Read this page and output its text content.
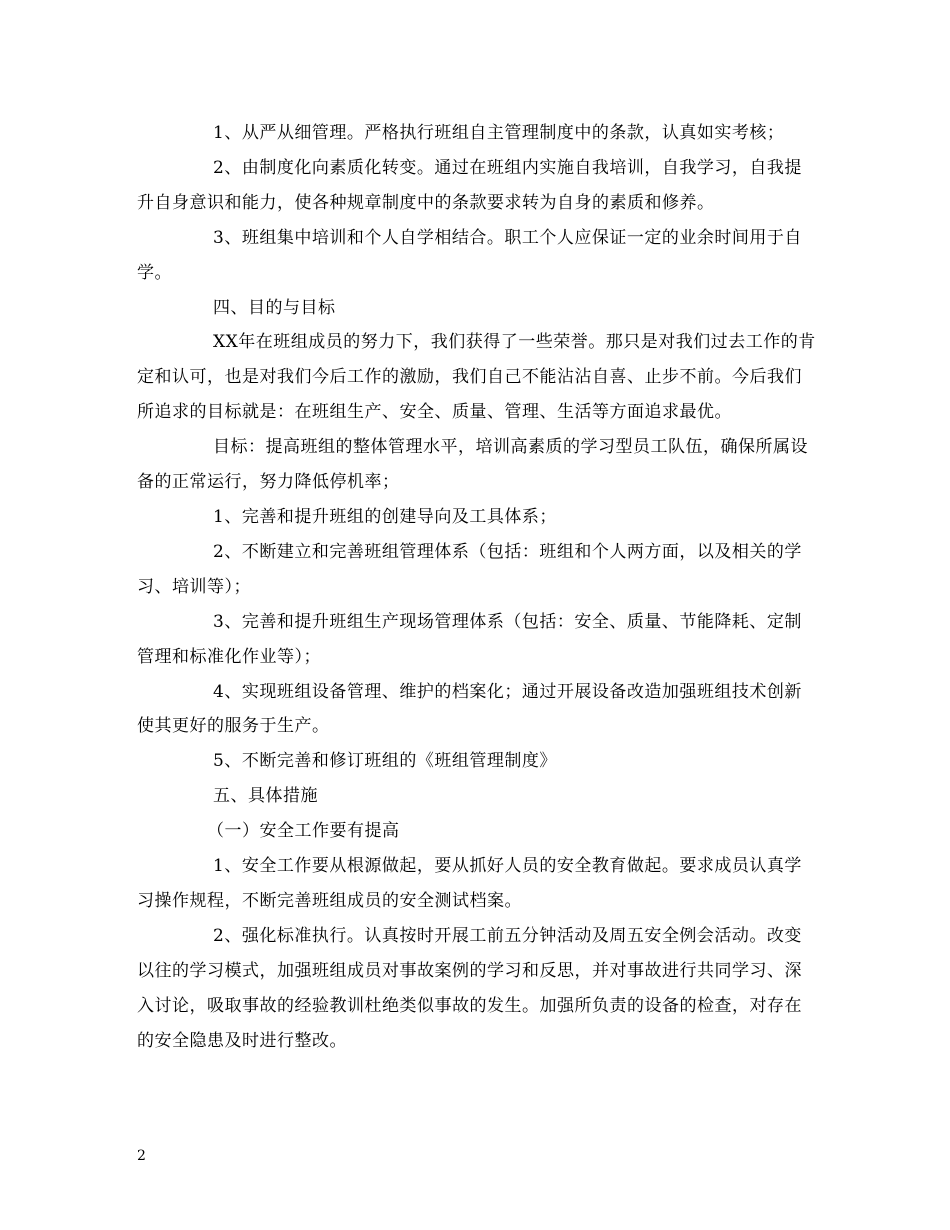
1、从严从细管理。严格执行班组自主管理制度中的条款，认真如实考核；

2、由制度化向素质化转变。通过在班组内实施自我培训，自我学习，自我提升自身意识和能力，使各种规章制度中的条款要求转为自身的素质和修养。

3、班组集中培训和个人自学相结合。职工个人应保证一定的业余时间用于自学。

四、目的与目标

XX年在班组成员的努力下，我们获得了一些荣誉。那只是对我们过去工作的肯定和认可，也是对我们今后工作的激励，我们自己不能沾沾自喜、止步不前。今后我们所追求的目标就是：在班组生产、安全、质量、管理、生活等方面追求最优。

目标：提高班组的整体管理水平，培训高素质的学习型员工队伍，确保所属设备的正常运行，努力降低停机率；

1、完善和提升班组的创建导向及工具体系；

2、不断建立和完善班组管理体系（包括：班组和个人两方面，以及相关的学习、培训等）；

3、完善和提升班组生产现场管理体系（包括：安全、质量、节能降耗、定制管理和标准化作业等）；

4、实现班组设备管理、维护的档案化；通过开展设备改造加强班组技术创新使其更好的服务于生产。

5、不断完善和修订班组的《班组管理制度》

五、具体措施

（一）安全工作要有提高

1、安全工作要从根源做起，要从抓好人员的安全教育做起。要求成员认真学习操作规程，不断完善班组成员的安全测试档案。

2、强化标准执行。认真按时开展工前五分钟活动及周五安全例会活动。改变以往的学习模式，加强班组成员对事故案例的学习和反思，并对事故进行共同学习、深入讨论，吸取事故的经验教训杜绝类似事故的发生。加强所负责的设备的检查，对存在的安全隐患及时进行整改。

2
